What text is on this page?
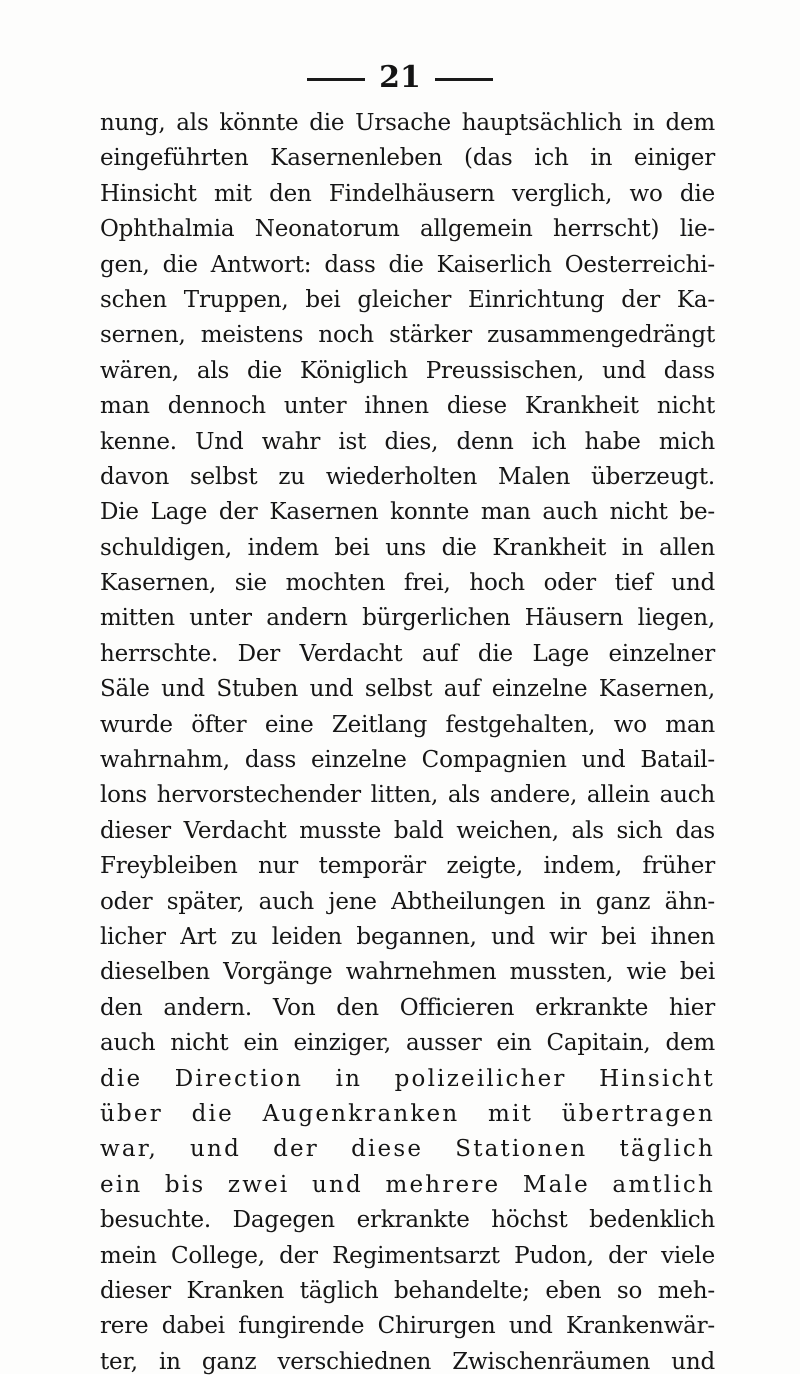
21
nung, als könnte die Ursache hauptsächlich in dem
eingeführten Kasernenleben (das ich in einiger
Hinsicht mit den Findelhäusern verglich, wo die
Ophthalmia Neonatorum allgemein herrscht) lie-
gen, die Antwort: dass die Kaiserlich Oesterreichi-
schen Truppen, bei gleicher Einrichtung der Ka-
sernen, meistens noch stärker zusammengedrängt
wären, als die Königlich Preussischen, und dass
man dennoch unter ihnen diese Krankheit nicht
kenne. Und wahr ist dies, denn ich habe mich
davon selbst zu wiederholten Malen überzeugt.
Die Lage der Kasernen konnte man auch nicht be-
schuldigen, indem bei uns die Krankheit in allen
Kasernen, sie mochten frei, hoch oder tief und
mitten unter andern bürgerlichen Häusern liegen,
herrschte. Der Verdacht auf die Lage einzelner
Säle und Stuben und selbst auf einzelne Kasernen,
wurde öfter eine Zeitlang festgehalten, wo man
wahrnahm, dass einzelne Compagnien und Batail-
lons hervorstechender litten, als andere, allein auch
dieser Verdacht musste bald weichen, als sich das
Freybleiben nur temporär zeigte, indem, früher
oder später, auch jene Abtheilungen in ganz ähn-
licher Art zu leiden begannen, und wir bei ihnen
dieselben Vorgänge wahrnehmen mussten, wie bei
den andern. Von den Officieren erkrankte hier
auch nicht ein einziger, ausser ein Capitain, dem
die Direction in polizeilicher Hinsicht
über die Augenkranken mit übertragen
war, und der diese Stationen täglich
ein bis zwei und mehrere Male amtlich
besuchte. Dagegen erkrankte höchst bedenklich
mein College, der Regimentsarzt Pudon, der viele
dieser Kranken täglich behandelte; eben so meh-
rere dabei fungirende Chirurgen und Krankenwär-
ter, in ganz verschiednen Zwischenräumen und
